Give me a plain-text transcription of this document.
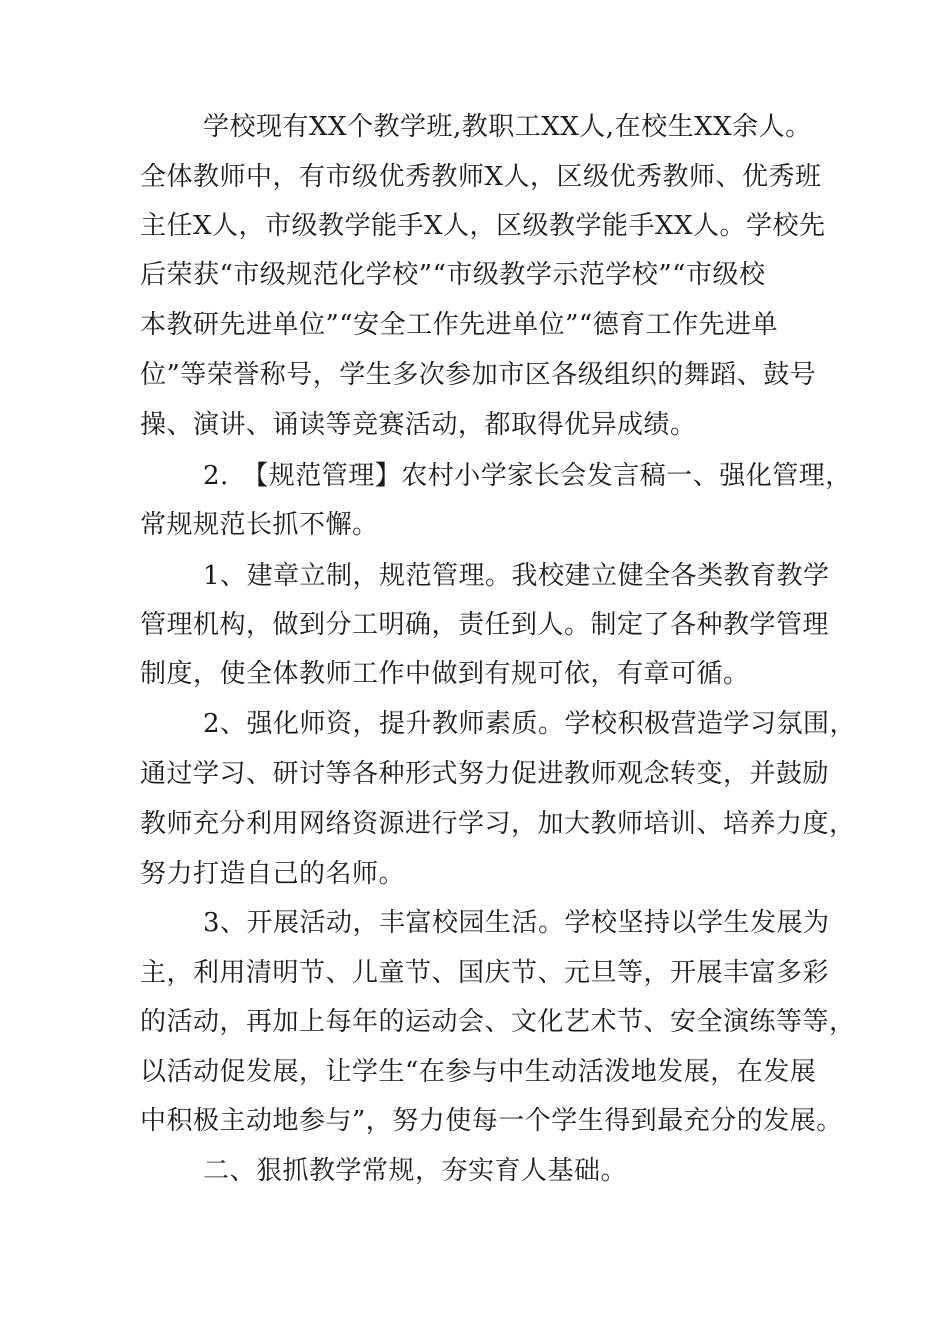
学校现有XX个教学班,教职工XX人,在校生XX余人。
全体教师中，有市级优秀教师X人，区级优秀教师、优秀班
主任X人，市级教学能手X人，区级教学能手XX人。学校先
后荣获“市级规范化学校”“市级教学示范学校”“市级校
本教研先进单位”“安全工作先进单位”“德育工作先进单
位”等荣誉称号，学生多次参加市区各级组织的舞蹈、鼓号
操、演讲、诵读等竞赛活动，都取得优异成绩。
2.　【规范管理】农村小学家长会发言稿一、强化管理，
常规规范长抓不懈。
1、建章立制，规范管理。我校建立健全各类教育教学
管理机构，做到分工明确，责任到人。制定了各种教学管理
制度，使全体教师工作中做到有规可依，有章可循。
2、强化师资，提升教师素质。学校积极营造学习氛围，
通过学习、研讨等各种形式努力促进教师观念转变，并鼓励
教师充分利用网络资源进行学习，加大教师培训、培养力度，
努力打造自己的名师。
3、开展活动，丰富校园生活。学校坚持以学生发展为
主，利用清明节、儿童节、国庆节、元旦等，开展丰富多彩
的活动，再加上每年的运动会、文化艺术节、安全演练等等，
以活动促发展，让学生“在参与中生动活泼地发展，在发展
中积极主动地参与”，努力使每一个学生得到最充分的发展。
二、狠抓教学常规，夯实育人基础。
